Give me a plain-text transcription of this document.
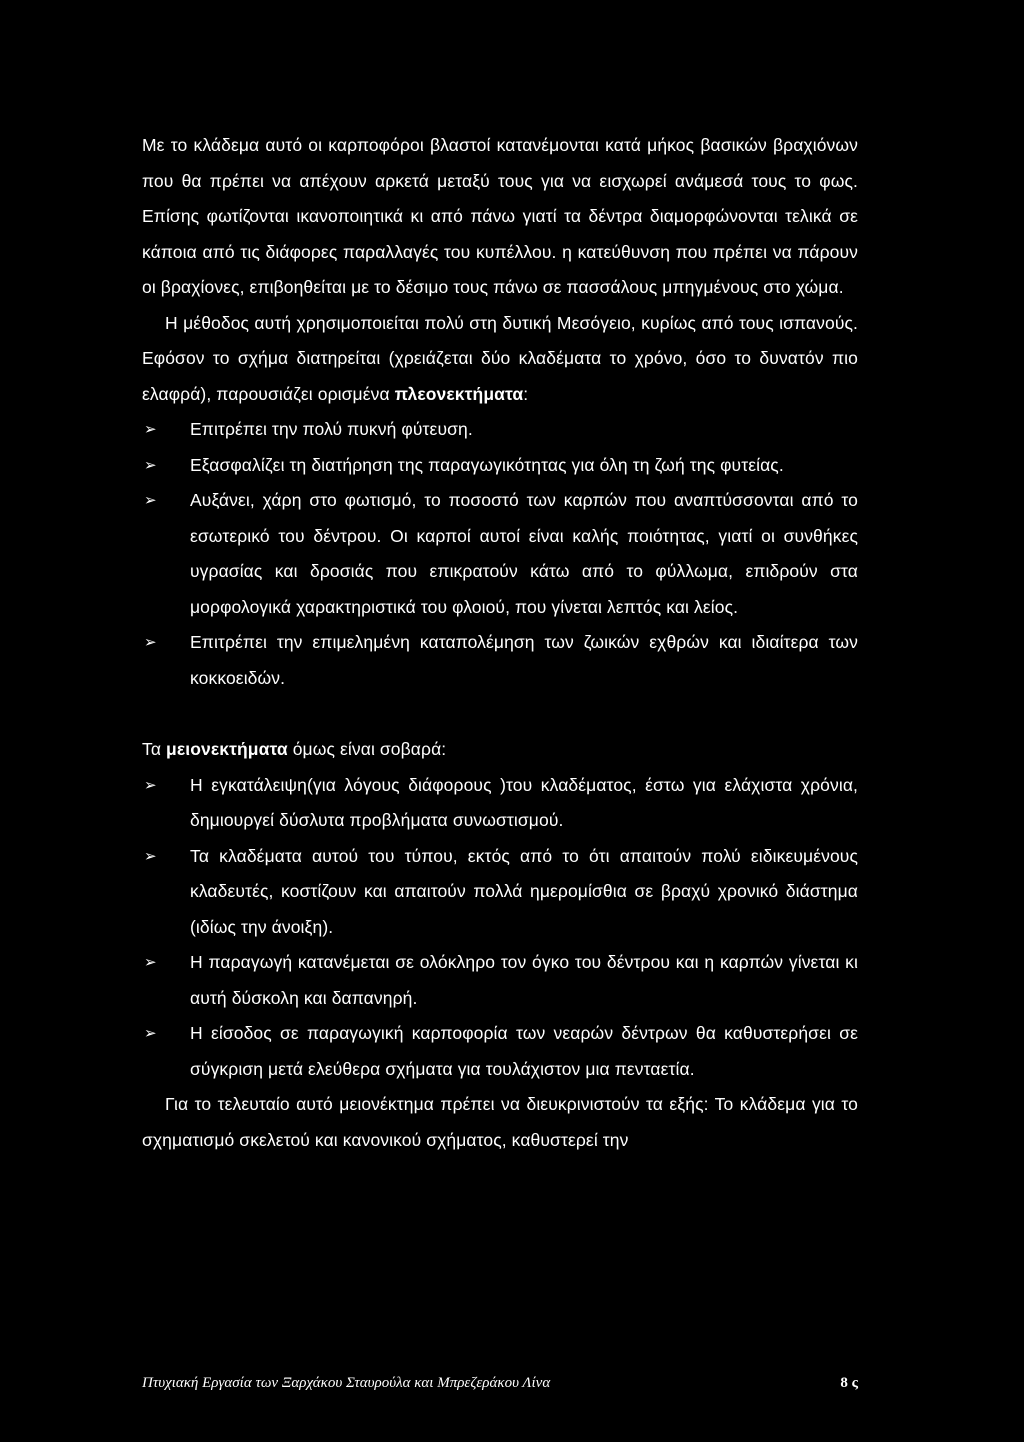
Με το κλάδεμα αυτό οι καρποφόροι βλαστοί κατανέμονται κατά μήκος βασικών βραχιόνων που θα πρέπει να απέχουν αρκετά μεταξύ τους για να εισχωρεί ανάμεσά τους το φως. Επίσης φωτίζονται ικανοποιητικά κι από πάνω γιατί τα δέντρα διαμορφώνονται τελικά σε κάποια από τις διάφορες παραλλαγές του κυπέλλου. η κατεύθυνση που πρέπει να πάρουν οι βραχίονες, επιβοηθείται με το δέσιμο τους πάνω σε πασσάλους μπηγμένους στο χώμα.

Η μέθοδος αυτή χρησιμοποιείται πολύ στη δυτική Μεσόγειο, κυρίως από τους ισπανούς. Εφόσον το σχήμα διατηρείται (χρειάζεται δύο κλαδέματα το χρόνο, όσο το δυνατόν πιο ελαφρά), παρουσιάζει ορισμένα πλεονεκτήματα:

➢ Επιτρέπει την πολύ πυκνή φύτευση.
➢ Εξασφαλίζει τη διατήρηση της παραγωγικότητας για όλη τη ζωή της φυτείας.
➢ Αυξάνει, χάρη στο φωτισμό, το ποσοστό των καρπών που αναπτύσσονται από το εσωτερικό του δέντρου. Οι καρποί αυτοί είναι καλής ποιότητας, γιατί οι συνθήκες υγρασίας και δροσιάς που επικρατούν κάτω από το φύλλωμα, επιδρούν στα μορφολογικά χαρακτηριστικά του φλοιού, που γίνεται λεπτός και λείος.
➢ Επιτρέπει την επιμελημένη καταπολέμηση των ζωικών εχθρών και ιδιαίτερα των κοκκοειδών.

Τα μειονεκτήματα όμως είναι σοβαρά:

➢ Η εγκατάλειψη(για λόγους διάφορους )του κλαδέματος, έστω για ελάχιστα χρόνια, δημιουργεί δύσλυτα προβλήματα συνωστισμού.
➢ Τα κλαδέματα αυτού του τύπου, εκτός από το ότι απαιτούν πολύ ειδικευμένους κλαδευτές, κοστίζουν και απαιτούν πολλά ημερομίσθια σε βραχύ χρονικό διάστημα (ιδίως την άνοιξη).
➢ Η παραγωγή κατανέμεται σε ολόκληρο τον όγκο του δέντρου και η καρπών γίνεται κι αυτή δύσκολη και δαπανηρή.
➢ Η είσοδος σε παραγωγική καρποφορία των νεαρών δέντρων θα καθυστερήσει σε σύγκριση μετά ελεύθερα σχήματα για τουλάχιστον μια πενταετία.

Για το τελευταίο αυτό μειονέκτημα πρέπει να διευκρινιστούν τα εξής: Το κλάδεμα για το σχηματισμό σκελετού και κανονικού σχήματος, καθυστερεί την

Πτυχιακή Εργασία των Ξαρχάκου Σταυρούλα και Μπρεζεράκου Λίνα	8 ς
